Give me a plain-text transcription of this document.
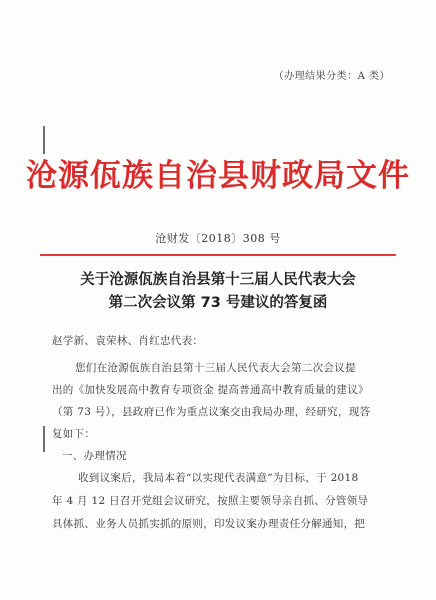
（办理结果分类：A 类）
沧源佤族自治县财政局文件
沧财发〔2018〕308 号
关于沧源佤族自治县第十三届人民代表大会
第二次会议第 73 号建议的答复函
赵学新、袁荣林、肖红忠代表：
您们在沧源佤族自治县第十三届人民代表大会第二次会议提
出的《加快发展高中教育专项资金 提高普通高中教育质量的建议》
（第 73 号），县政府已作为重点议案交由我局办理，经研究，现答
复如下：
一、办理情况
收到议案后，我局本着“以实现代表满意”为目标，于 2018
年 4 月 12 日召开党组会议研究，按照主要领导亲自抓、分管领导
具体抓、业务人员抓实抓的原则，印发议案办理责任分解通知，把
